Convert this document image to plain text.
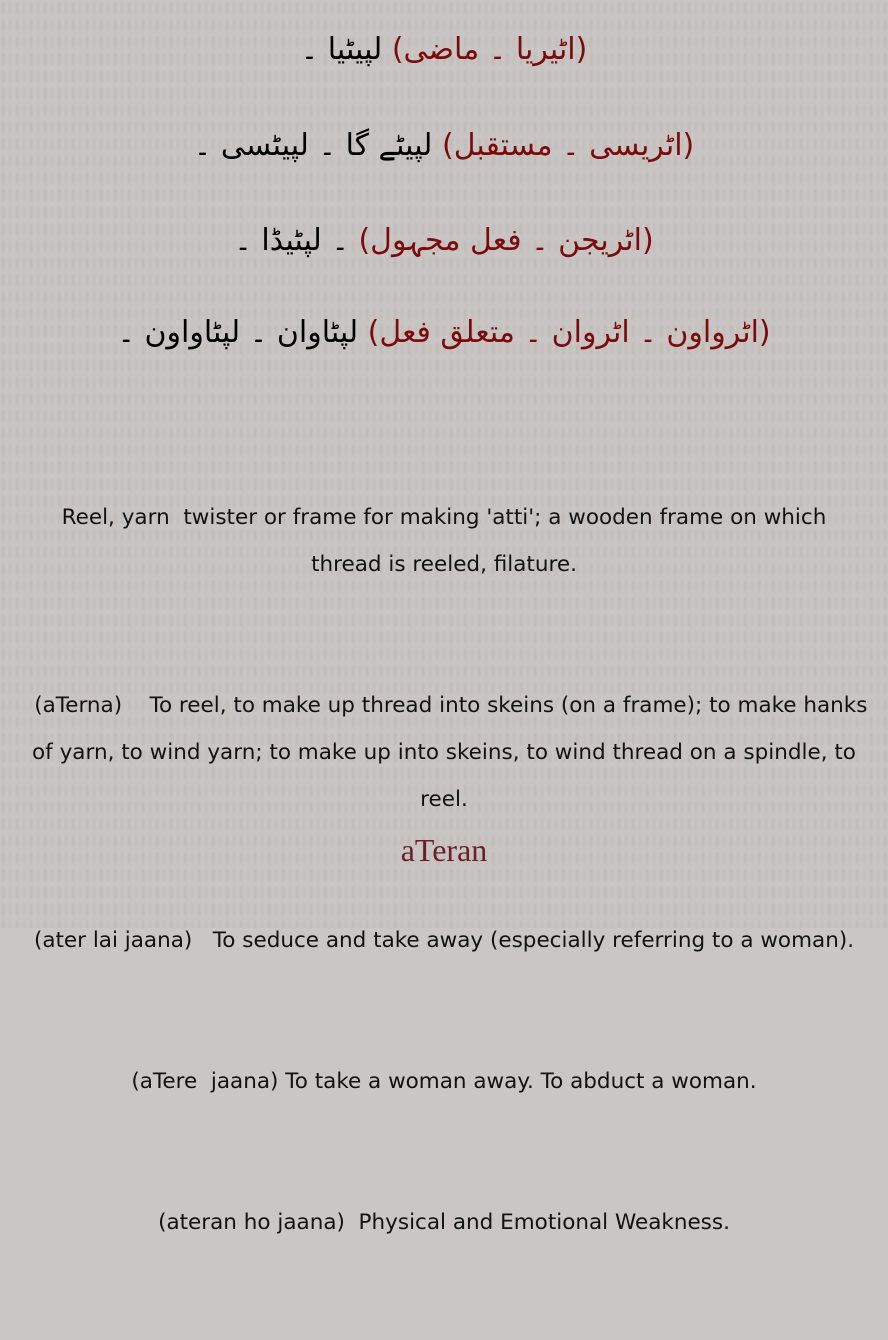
(اٹیریا ۔ ماضی) لپیٹیا ۔
(اٹریسی ۔ مستقبل) لپیٹے گا ۔ لپیٹسی ۔
(اٹریجن ۔ فعل مجہول) ۔ لپٹیڈا ۔
(اٹرواون ۔ اٹروان ۔ متعلق فعل) لپٹاوان ۔ لپٹاواون ۔

Reel, yarn  twister or frame for making 'atti'; a wooden frame on which  thread is reeled, filature.

(aTerna)    To reel, to make up thread into skeins (on a frame); to make hanks of yarn, to wind yarn; to make up into skeins, to wind thread on a spindle, to reel.

(ater lai jaana)   To seduce and take away (especially referring to a woman).

(aTere  jaana) To take a woman away. To abduct a woman.

(ateran ho jaana)  Physical and Emotional Weakness.

aTeran
